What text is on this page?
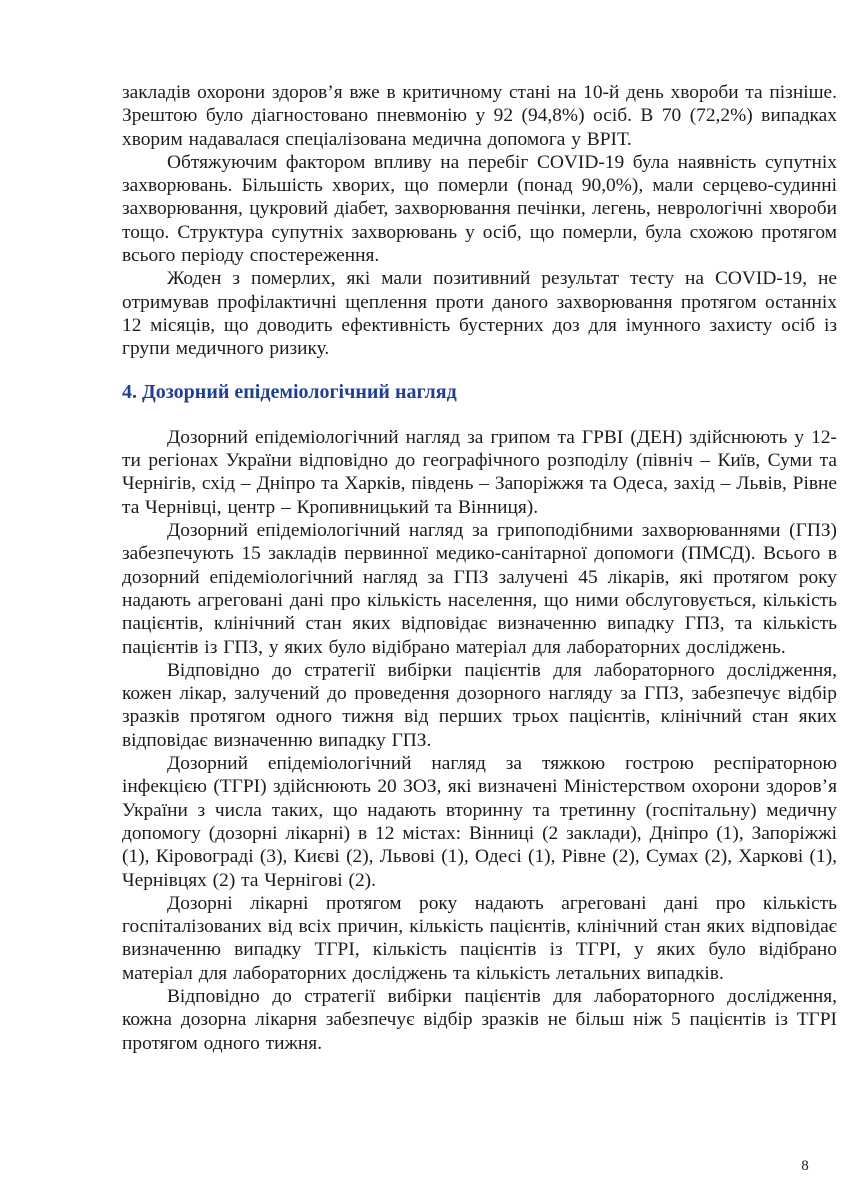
закладів охорони здоров’я вже в критичному стані на 10-й день хвороби та пізніше. Зрештою було діагностовано пневмонію у 92 (94,8%) осіб. В 70 (72,2%) випадках хворим надавалася спеціалізована медична допомога у ВРІТ.

Обтяжуючим фактором впливу на перебіг COVID-19 була наявність супутніх захворювань. Більшість хворих, що померли (понад 90,0%), мали серцево-судинні захворювання, цукровий діабет, захворювання печінки, легень, неврологічні хвороби тощо. Структура супутніх захворювань у осіб, що померли, була схожою протягом всього періоду спостереження.

Жоден з померлих, які мали позитивний результат тесту на COVID-19, не отримував профілактичні щеплення проти даного захворювання протягом останніх 12 місяців, що доводить ефективність бустерних доз для імунного захисту осіб із групи медичного ризику.

4. Дозорний епідеміологічний нагляд

Дозорний епідеміологічний нагляд за грипом та ГРВІ (ДЕН) здійснюють у 12-ти регіонах України відповідно до географічного розподілу (північ – Київ, Суми та Чернігів, схід – Дніпро та Харків, південь – Запоріжжя та Одеса, захід – Львів, Рівне та Чернівці, центр – Кропивницький та Вінниця).

Дозорний епідеміологічний нагляд за грипоподібними захворюваннями (ГПЗ) забезпечують 15 закладів первинної медико-санітарної допомоги (ПМСД). Всього в дозорний епідеміологічний нагляд за ГПЗ залучені 45 лікарів, які протягом року надають агреговані дані про кількість населення, що ними обслуговується, кількість пацієнтів, клінічний стан яких відповідає визначенню випадку ГПЗ, та кількість пацієнтів із ГПЗ, у яких було відібрано матеріал для лабораторних досліджень.

Відповідно до стратегії вибірки пацієнтів для лабораторного дослідження, кожен лікар, залучений до проведення дозорного нагляду за ГПЗ, забезпечує відбір зразків протягом одного тижня від перших трьох пацієнтів, клінічний стан яких відповідає визначенню випадку ГПЗ.

Дозорний епідеміологічний нагляд за тяжкою гострою респіраторною інфекцією (ТГРІ) здійснюють 20 ЗОЗ, які визначені Міністерством охорони здоров’я України з числа таких, що надають вторинну та третинну (госпітальну) медичну допомогу (дозорні лікарні) в 12 містах: Вінниці (2 заклади), Дніпро (1), Запоріжжі (1), Кіровограді (3), Києві (2), Львові (1), Одесі (1), Рівне (2), Сумах (2), Харкові (1), Чернівцях (2) та Чернігові (2).

Дозорні лікарні протягом року надають агреговані дані про кількість госпіталізованих від всіх причин, кількість пацієнтів, клінічний стан яких відповідає визначенню випадку ТГРІ, кількість пацієнтів із ТГРІ, у яких було відібрано матеріал для лабораторних досліджень та кількість летальних випадків.

Відповідно до стратегії вибірки пацієнтів для лабораторного дослідження, кожна дозорна лікарня забезпечує відбір зразків не більш ніж 5 пацієнтів із ТГРІ протягом одного тижня.

8
